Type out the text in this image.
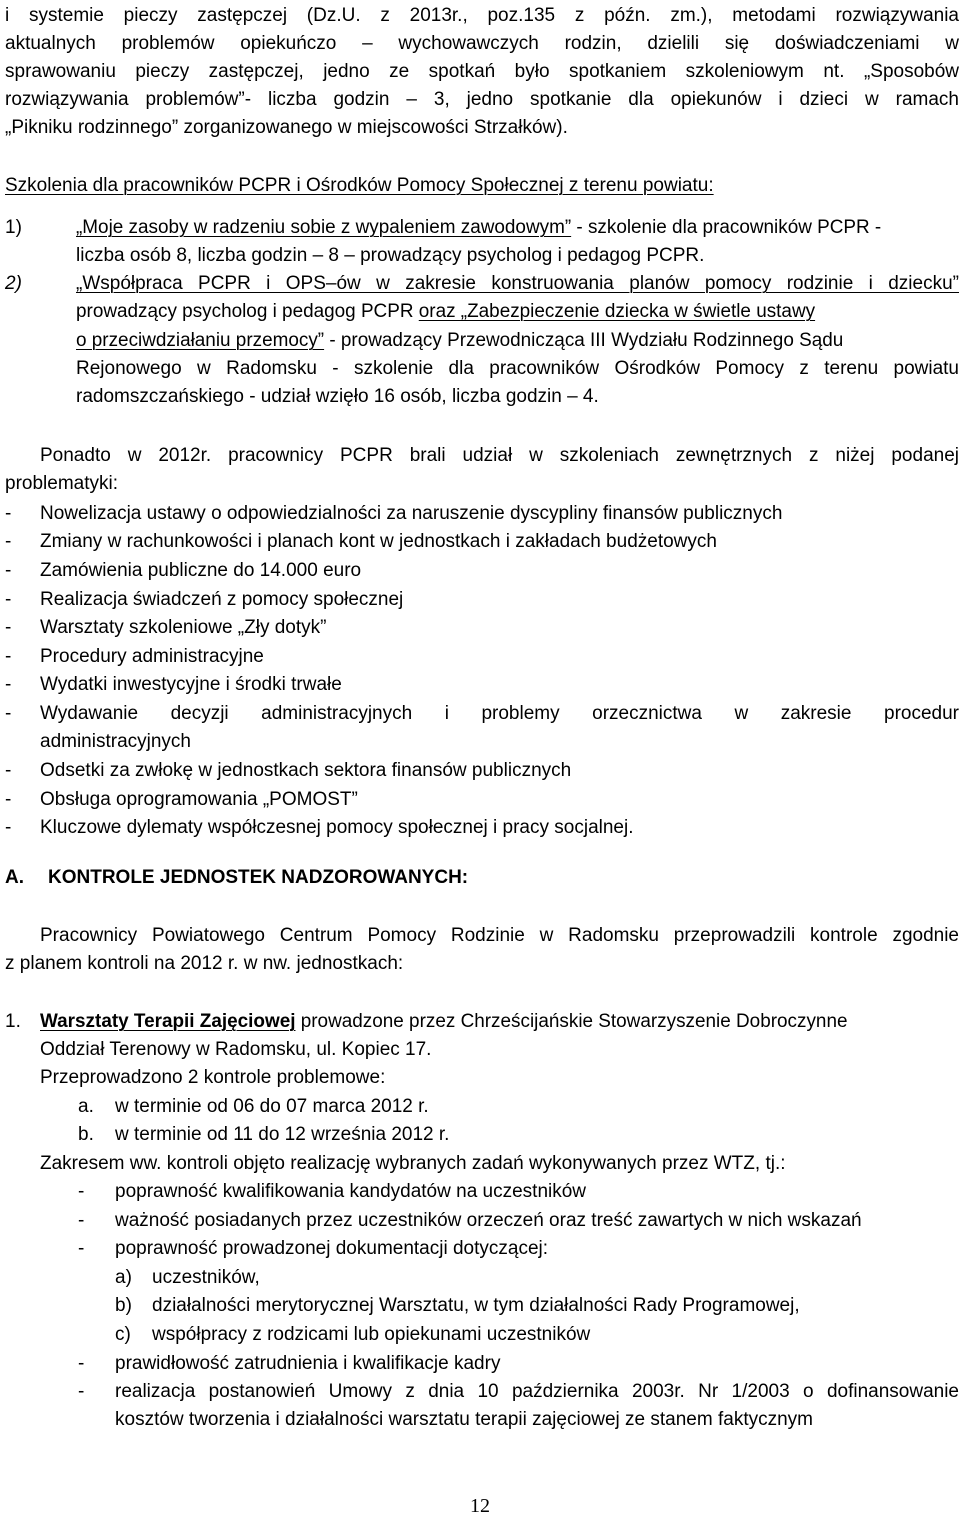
i systemie pieczy zastępczej (Dz.U. z 2013r., poz.135 z późn. zm.), metodami rozwiązywania
aktualnych problemów opiekuńczo – wychowawczych rodzin, dzielili się doświadczeniami w
sprawowaniu pieczy zastępczej, jedno ze spotkań było spotkaniem szkoleniowym nt. „Sposobów
rozwiązywania problemów”- liczba godzin – 3, jedno spotkanie dla opiekunów i dzieci w ramach
„Pikniku rodzinnego” zorganizowanego w miejscowości Strzałków).
Szkolenia dla pracowników PCPR i Ośrodków Pomocy Społecznej z terenu powiatu:
1)	„Moje zasoby w radzeniu sobie z wypaleniem zawodowym” - szkolenie dla pracowników PCPR -
liczba osób 8, liczba godzin – 8 – prowadzący psycholog i pedagog PCPR.
2)	„Współpraca PCPR i OPS–ów w zakresie konstruowania planów pomocy rodzinie i dziecku”
prowadzący psycholog i pedagog PCPR oraz „Zabezpieczenie dziecka w świetle ustawy
o przeciwdziałaniu przemocy” - prowadzący Przewodnicząca III Wydziału Rodzinnego Sądu
Rejonowego w Radomsku - szkolenie dla pracowników Ośrodków Pomocy z terenu powiatu
radomszczańskiego - udział wzięło 16 osób, liczba godzin – 4.
Ponadto w 2012r. pracownicy PCPR brali udział w szkoleniach zewnętrznych z niżej podanej
problematyki:
- Nowelizacja ustawy o odpowiedzialności za naruszenie dyscypliny finansów publicznych
- Zmiany w rachunkowości i planach kont w jednostkach i zakładach budżetowych
- Zamówienia publiczne do 14.000 euro
- Realizacja świadczeń z pomocy społecznej
- Warsztaty szkoleniowe „Zły dotyk”
- Procedury administracyjne
- Wydatki inwestycyjne i środki trwałe
- Wydawanie decyzji administracyjnych i problemy orzecznictwa w zakresie procedur
administracyjnych
- Odsetki za zwłokę w jednostkach sektora finansów publicznych
- Obsługa oprogramowania „POMOST”
- Kluczowe dylematy współczesnej pomocy społecznej i pracy socjalnej.
A. KONTROLE JEDNOSTEK NADZOROWANYCH:
Pracownicy Powiatowego Centrum Pomocy Rodzinie w Radomsku przeprowadzili kontrole zgodnie
z planem kontroli na 2012 r. w nw. jednostkach:
1. Warsztaty Terapii Zajęciowej prowadzone przez Chrześcijańskie Stowarzyszenie Dobroczynne
Oddział Terenowy w Radomsku, ul. Kopiec 17.
Przeprowadzono 2 kontrole problemowe:
a. w terminie od 06 do 07 marca 2012 r.
b. w terminie od 11 do 12 września 2012 r.
Zakresem ww. kontroli objęto realizację wybranych zadań wykonywanych przez WTZ, tj.:
- poprawność kwalifikowania kandydatów na uczestników
- ważność posiadanych przez uczestników orzeczeń oraz treść zawartych w nich wskazań
- poprawność prowadzonej dokumentacji dotyczącej:
a) uczestników,
b) działalności merytorycznej Warsztatu, w tym działalności Rady Programowej,
c) współpracy z rodzicami lub opiekunami uczestników
- prawidłowość zatrudnienia i kwalifikacje kadry
- realizacja postanowień Umowy z dnia 10 października 2003r. Nr 1/2003 o dofinansowanie
kosztów tworzenia i działalności warsztatu terapii zajęciowej ze stanem faktycznym
12
